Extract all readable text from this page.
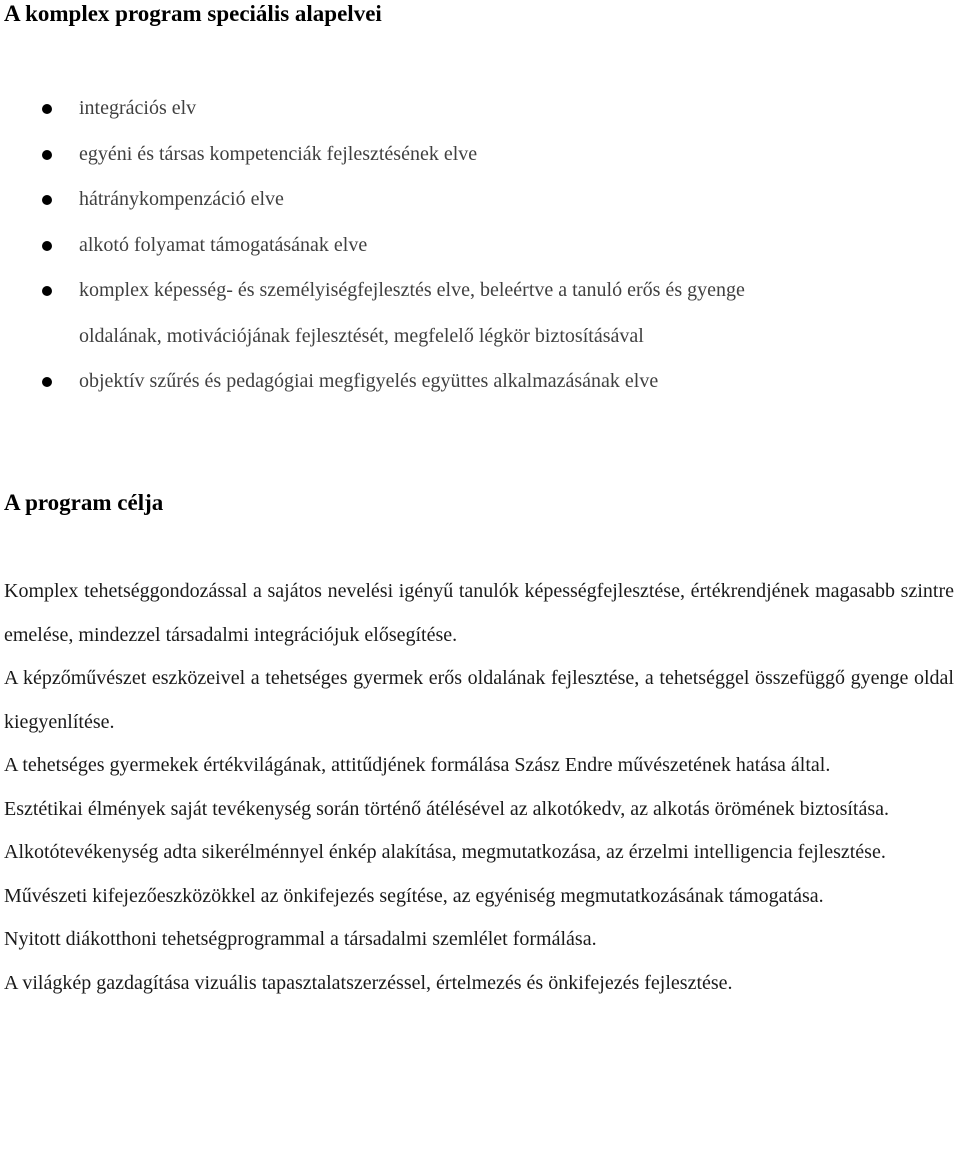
A komplex program speciális alapelvei
integrációs elv
egyéni és társas kompetenciák fejlesztésének elve
hátránykompenzáció elve
alkotó folyamat támogatásának elve
komplex képesség- és személyiségfejlesztés elve, beleértve a tanuló erős és gyenge
oldalának, motivációjának fejlesztését, megfelelő légkör biztosításával
objektív szűrés és pedagógiai megfigyelés együttes alkalmazásának elve
A program célja

Komplex tehetséggondozással a sajátos nevelési igényű tanulók képességfejlesztése, értékrendjének magasabb szintre emelése, mindezzel társadalmi integrációjuk elősegítése.

A képzőművészet eszközeivel a tehetséges gyermek erős oldalának fejlesztése, a tehetséggel összefüggő gyenge oldal kiegyenlítése.

A tehetséges gyermekek értékvilágának, attitűdjének formálása Szász Endre művészetének hatása által.

Esztétikai élmények saját tevékenység során történő átélésével az alkotókedv, az alkotás örömének biztosítása.

Alkotótevékenység adta sikerélménnyel énkép alakítása, megmutatkozása, az érzelmi intelligencia fejlesztése.

Művészeti kifejezőeszközökkel az önkifejezés segítése, az egyéniség megmutatkozásának támogatása.

Nyitott diákotthoni tehetségprogrammal a társadalmi szemlélet formálása.

A világkép gazdagítása vizuális tapasztalatszerzéssel, értelmezés és önkifejezés fejlesztése.
